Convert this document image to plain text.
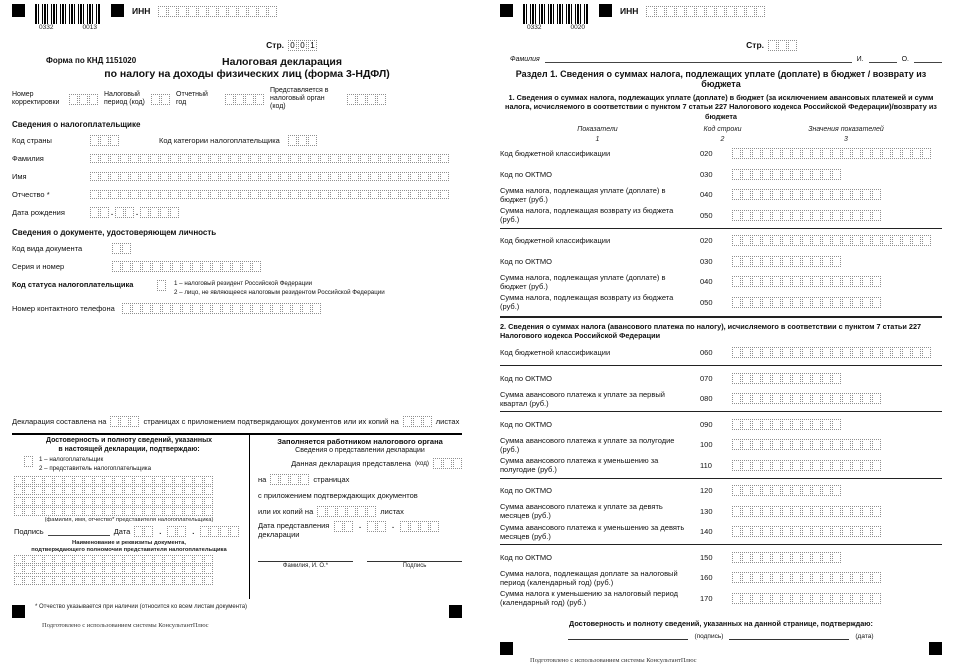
0332	0013
ИНН
Стр. 0 0 1
Форма по КНД 1151020	Налоговая декларация
по налогу на доходы физических лиц (форма 3-НДФЛ)
Номер корректировки
Налоговый период (код)
Отчетный год
Представляется в налоговый орган (код)
Сведения о налогоплательщике
Код страны	Код категории налогоплательщика
Фамилия
Имя
Отчество *
Дата рождения
.
.
Сведения о документе, удостоверяющем личность
Код вида документа
Серия и номер
Код статуса налогоплательщика	1 – налоговый резидент Российской Федерации
2 – лицо, не являющееся налоговым резидентом Российской Федерации
Номер контактного телефона
Декларация составлена на	страницах с приложением подтверждающих документов или их копий на	листах
Достоверность и полноту сведений, указанных
в настоящей декларации, подтверждаю:
1 – налогоплательщик
2 – представитель налогоплательщика
(фамилия, имя, отчество* представителя налогоплательщика)
Подпись	Дата
.
.
Наименование и реквизиты документа,
подтверждающего полномочия представителя налогоплательщика
Заполняется работником налогового органа
Сведения о представлении декларации
Данная декларация представлена (код)
на	страницах
с приложением подтверждающих документов
или их копий на	листах
Дата представления
декларации
.
.
Фамилия, И. О.*	Подпись
* Отчество указывается при наличии (относится ко всем листам документа)
Подготовлено с использованием системы КонсультантПлюс
0332	0020
ИНН
Стр.
Фамилия	И.	О.
Раздел 1. Сведения о суммах налога, подлежащих уплате (доплате) в бюджет / возврату из бюджета
1. Сведения о суммах налога, подлежащих уплате (доплате) в бюджет (за исключением авансовых платежей и сумм налога, исчисляемого в соответствии с пунктом 7 статьи 227 Налогового кодекса Российской Федерации)/возврату из бюджета
Показатели
1
Код строки
2
Значения показателей
3
Код бюджетной классификации	020
Код по ОКТМО	030
Сумма налога, подлежащая уплате (доплате) в бюджет (руб.)	040
Сумма налога, подлежащая возврату из бюджета (руб.)	050
Код бюджетной классификации	020
Код по ОКТМО	030
Сумма налога, подлежащая уплате (доплате) в бюджет (руб.)	040
Сумма налога, подлежащая возврату из бюджета (руб.)	050
2. Сведения о суммах налога (авансового платежа по налогу), исчисляемого в соответствии с пунктом 7 статьи 227 Налогового кодекса Российской Федерации
Код бюджетной классификации	060
Код по ОКТМО	070
Сумма авансового платежа к уплате за первый квартал (руб.)	080
Код по ОКТМО	090
Сумма авансового платежа к уплате за полугодие (руб.)	100
Сумма авансового платежа к уменьшению за полугодие (руб.)	110
Код по ОКТМО	120
Сумма авансового платежа к уплате за девять месяцев (руб.)	130
Сумма авансового платежа к уменьшению за девять месяцев (руб.)	140
Код по ОКТМО	150
Сумма налога, подлежащая доплате за налоговый период (календарный год) (руб.)	160
Сумма налога к уменьшению за налоговый период (календарный год) (руб.)	170
Достоверность и полноту сведений, указанных на данной странице, подтверждаю:
(подпись)	(дата)
Подготовлено с использованием системы КонсультантПлюс
